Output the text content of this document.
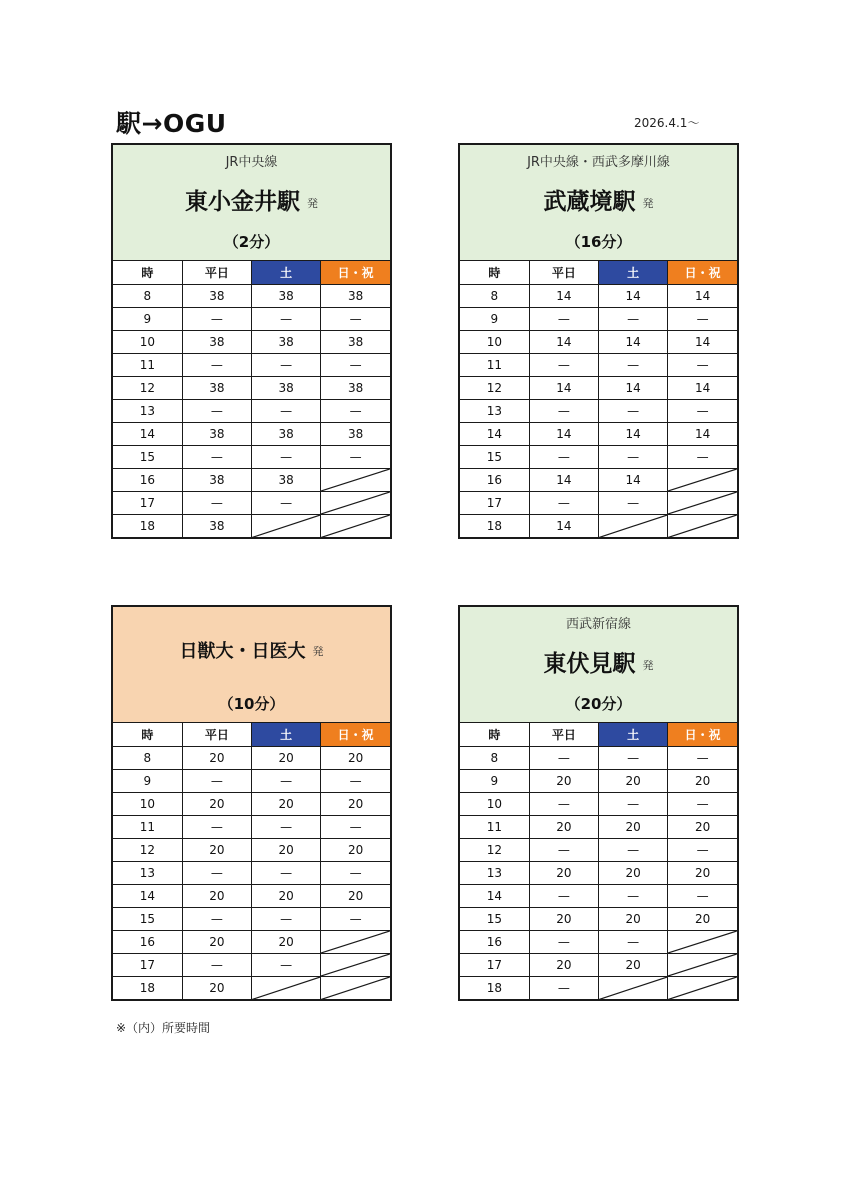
駅→OGU	2026.4.1～
JR中央線
東小金井駅 発
（2分）
時	平日	土	日・祝
8	38	38	38
9	—	—	—
10	38	38	38
11	—	—	—
12	38	38	38
13	—	—	—
14	38	38	38
15	—	—	—
16	38	38	

17	—	—	

18	38	

JR中央線・西武多摩川線
武蔵境駅 発
（16分）
時	平日	土	日・祝
8	14	14	14
9	—	—	—
10	14	14	14
11	—	—	—
12	14	14	14
13	—	—	—
14	14	14	14
15	—	—	—
16	14	14	

17	—	—	

18	14	

日獣大・日医大 発
（10分）
時	平日	土	日・祝
8	20	20	20
9	—	—	—
10	20	20	20
11	—	—	—
12	20	20	20
13	—	—	—
14	20	20	20
15	—	—	—
16	20	20	

17	—	—	

18	20	

西武新宿線
東伏見駅 発
（20分）
時	平日	土	日・祝
8	—	—	—
9	20	20	20
10	—	—	—
11	20	20	20
12	—	—	—
13	20	20	20
14	—	—	—
15	20	20	20
16	—	—	

17	20	20	

18	—	

※（内）所要時間
